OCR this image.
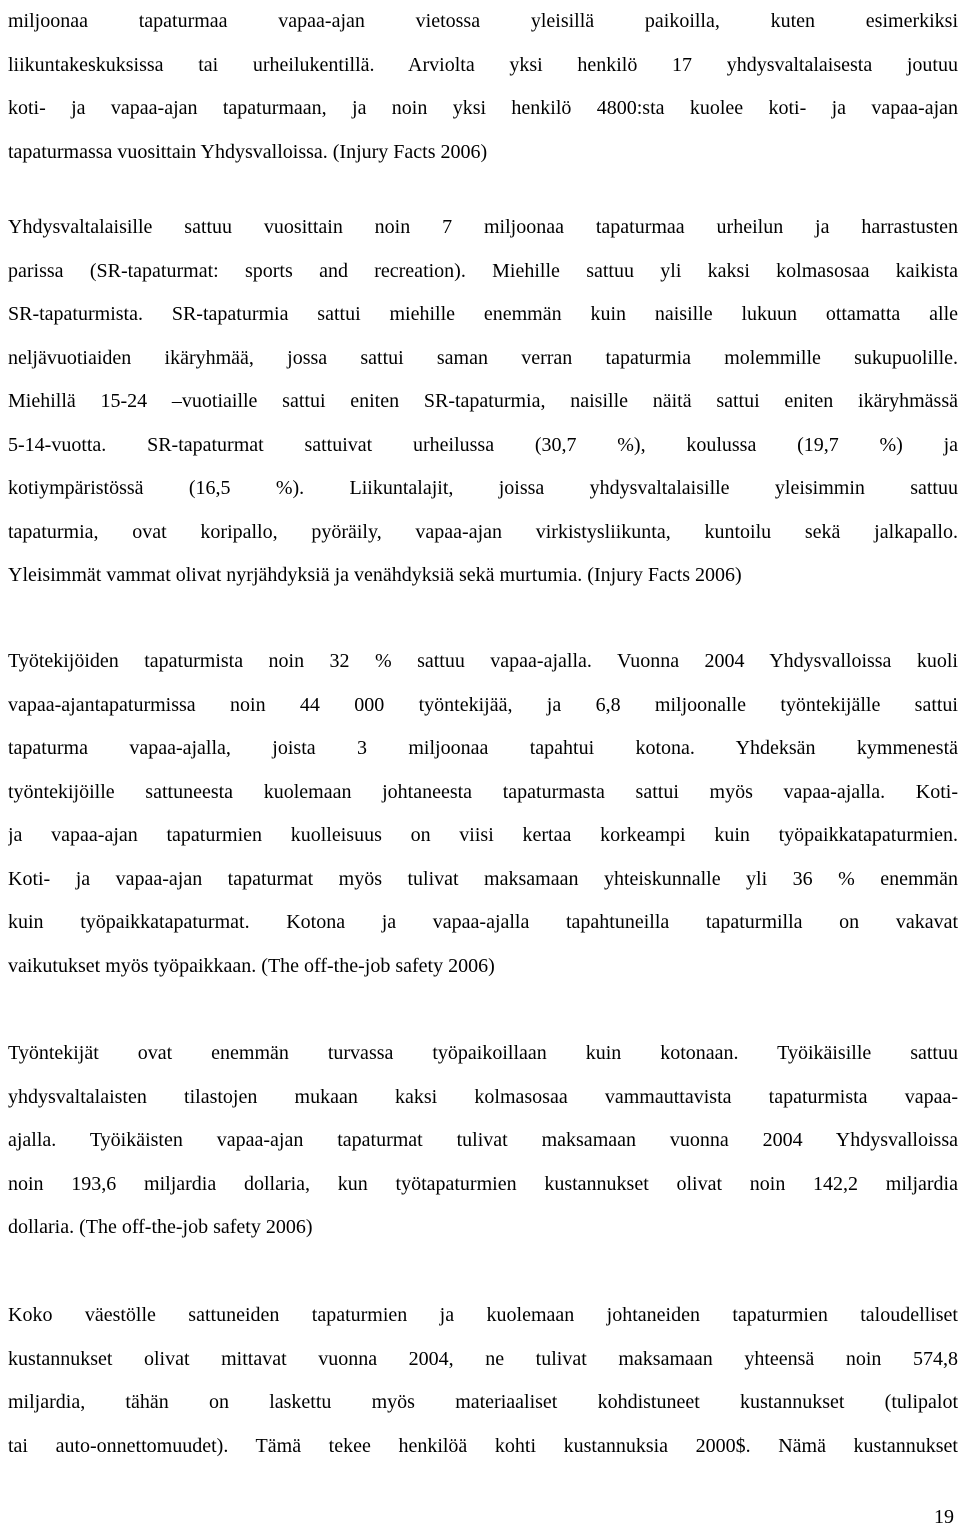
miljoonaa tapaturmaa vapaa-ajan vietossa yleisillä paikoilla, kuten esimerkiksi
liikuntakeskuksissa tai urheilukentillä. Arviolta yksi henkilö 17 yhdysvaltalaisesta joutuu
koti- ja vapaa-ajan tapaturmaan, ja noin yksi henkilö 4800:sta kuolee koti- ja vapaa-ajan
tapaturmassa vuosittain Yhdysvalloissa. (Injury Facts 2006)
Yhdysvaltalaisille sattuu vuosittain noin 7 miljoonaa tapaturmaa urheilun ja harrastusten
parissa (SR-tapaturmat: sports and recreation). Miehille sattuu yli kaksi kolmasosaa kaikista
SR-tapaturmista. SR-tapaturmia sattui miehille enemmän kuin naisille lukuun ottamatta alle
neljävuotiaiden ikäryhmää, jossa sattui saman verran tapaturmia molemmille sukupuolille.
Miehillä 15-24 –vuotiaille sattui eniten SR-tapaturmia, naisille näitä sattui eniten ikäryhmässä
5-14-vuotta. SR-tapaturmat sattuivat urheilussa (30,7 %), koulussa (19,7 %) ja
kotiympäristössä (16,5 %). Liikuntalajit, joissa yhdysvaltalaisille yleisimmin sattuu
tapaturmia, ovat koripallo, pyöräily, vapaa-ajan virkistysliikunta, kuntoilu sekä jalkapallo.
Yleisimmät vammat olivat nyrjähdyksiä ja venähdyksiä sekä murtumia. (Injury Facts 2006)
Työtekijöiden tapaturmista noin 32 % sattuu vapaa-ajalla. Vuonna 2004 Yhdysvalloissa kuoli
vapaa-ajantapaturmissa noin 44 000 työntekijää, ja 6,8 miljoonalle työntekijälle sattui
tapaturma vapaa-ajalla, joista 3 miljoonaa tapahtui kotona. Yhdeksän kymmenestä
työntekijöille sattuneesta kuolemaan johtaneesta tapaturmasta sattui myös vapaa-ajalla. Koti-
ja vapaa-ajan tapaturmien kuolleisuus on viisi kertaa korkeampi kuin työpaikkatapaturmien.
Koti- ja vapaa-ajan tapaturmat myös tulivat maksamaan yhteiskunnalle yli 36 % enemmän
kuin työpaikkatapaturmat. Kotona ja vapaa-ajalla tapahtuneilla tapaturmilla on vakavat
vaikutukset myös työpaikkaan. (The off-the-job safety 2006)
Työntekijät ovat enemmän turvassa työpaikoillaan kuin kotonaan. Työikäisille sattuu
yhdysvaltalaisten tilastojen mukaan kaksi kolmasosaa vammauttavista tapaturmista vapaa-
ajalla. Työikäisten vapaa-ajan tapaturmat tulivat maksamaan vuonna 2004 Yhdysvalloissa
noin 193,6 miljardia dollaria, kun työtapaturmien kustannukset olivat noin 142,2 miljardia
dollaria. (The off-the-job safety 2006)
Koko väestölle sattuneiden tapaturmien ja kuolemaan johtaneiden tapaturmien taloudelliset
kustannukset olivat mittavat vuonna 2004, ne tulivat maksamaan yhteensä noin 574,8
miljardia, tähän on laskettu myös materiaaliset kohdistuneet kustannukset (tulipalot
tai auto-onnettomuudet). Tämä tekee henkilöä kohti kustannuksia 2000$. Nämä kustannukset
19
